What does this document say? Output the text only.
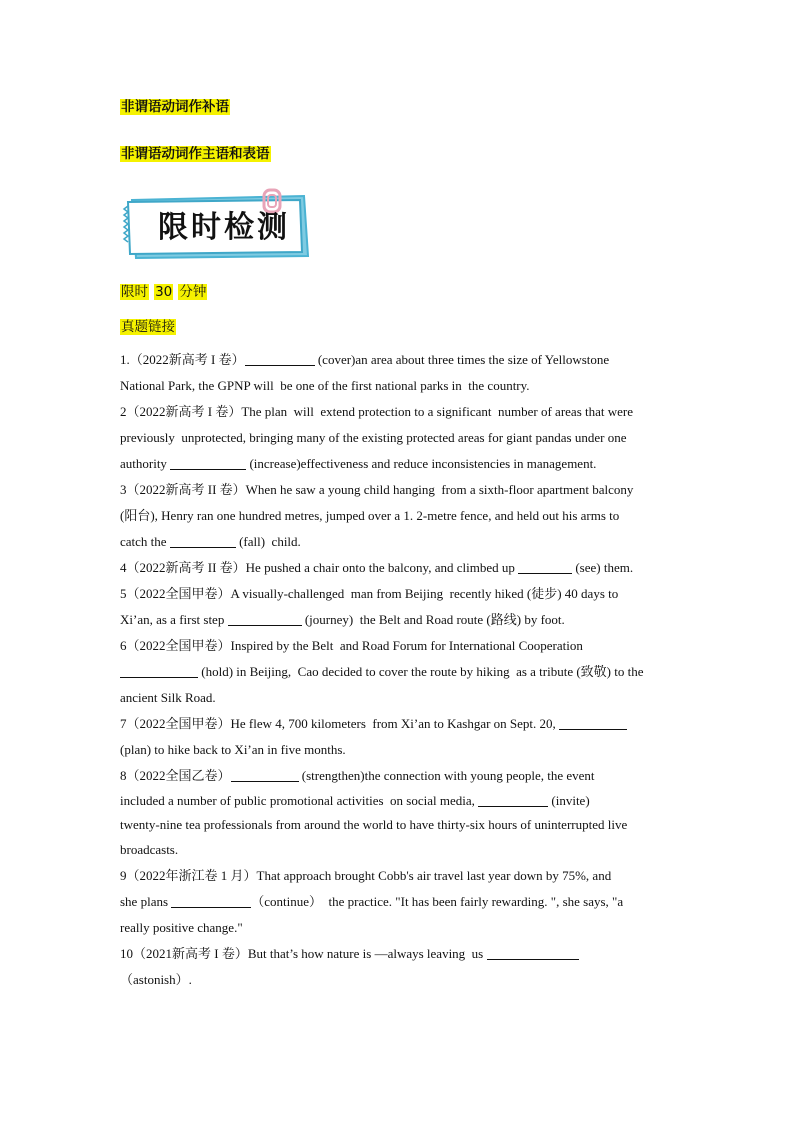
非谓语动词作补语
非谓语动词作主语和表语
限时检测
限时 30 分钟
真题链接
1.（2022新高考 I 卷）	(cover)an area about three times the size of Yellowstone
National Park, the GPNP will  be one of the first national parks in  the country.
2（2022新高考 I 卷）The plan  will  extend protection to a significant  number of areas that were
previously  unprotected, bringing many of the existing protected areas for giant pandas under one
authority	(increase)effectiveness and reduce inconsistencies in management.
3（2022新高考 II 卷）When he saw a young child hanging  from a sixth-floor apartment balcony
(阳台), Henry ran one hundred metres, jumped over a 1. 2-metre fence, and held out his arms to
catch the	(fall)  child.
4（2022新高考 II 卷）He pushed a chair onto the balcony, and climbed up	(see) them.
5（2022全国甲卷）A visually-challenged  man from Beijing  recently hiked (徒步) 40 days to
Xi’an, as a first step	(journey)  the Belt and Road route (路线) by foot.
6（2022全国甲卷）Inspired by the Belt  and Road Forum for International Cooperation
(hold) in Beijing,  Cao decided to cover the route by hiking  as a tribute (致敬) to the
ancient Silk Road.
7（2022全国甲卷）He flew 4, 700 kilometers  from Xi’an to Kashgar on Sept. 20,
(plan) to hike back to Xi’an in five months.
8（2022全国乙卷）	(strengthen)the connection with young people, the event
included a number of public promotional activities  on social media,	(invite)
twenty-nine tea professionals from around the world to have thirty-six hours of uninterrupted live
broadcasts.
9（2022年浙江卷 1 月）That approach brought Cobb's air travel last year down by 75%, and
she plans	（continue）  the practice. "It has been fairly rewarding. ", she says, "a
really positive change."
10（2021新高考 I 卷）But that’s how nature is —always leaving  us
（astonish）.
